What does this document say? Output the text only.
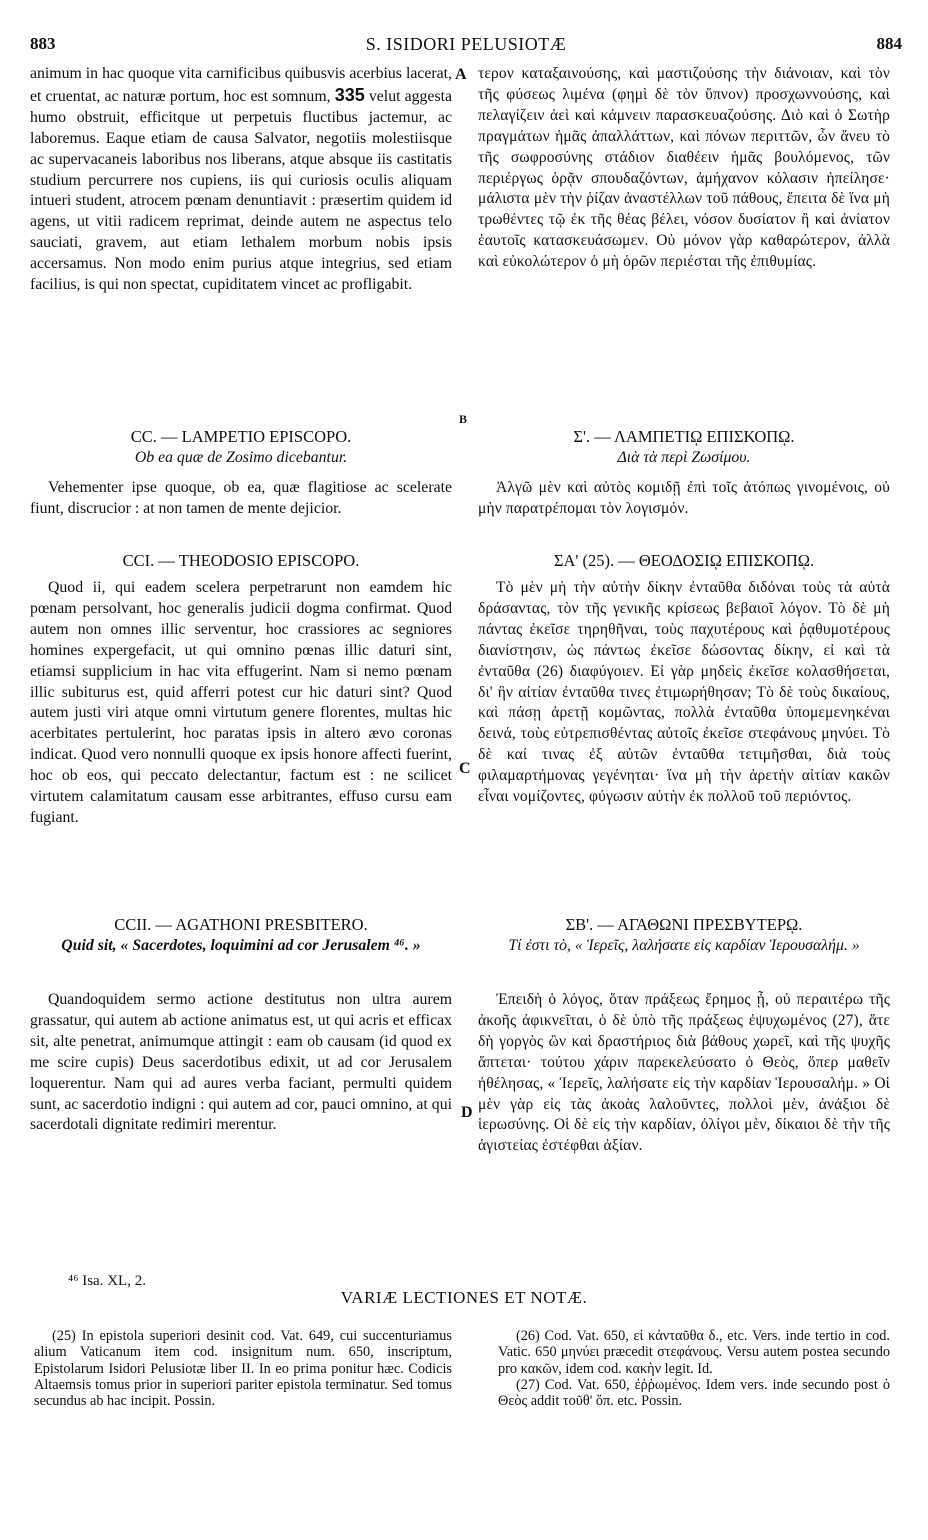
883	S. ISIDORI PELUSIOTÆ	884
A
B
C
D

animum in hac quoque vita carnificibus quibusvis acerbius lacerat, et cruentat, ac naturæ portum, hoc est somnum, 335 velut aggesta humo obstruit, efficitque ut perpetuis fluctibus jactemur, ac laboremus. Eaque etiam de causa Salvator, negotiis molestiisque ac supervacaneis laboribus nos liberans, atque absque iis castitatis studium percurrere nos cupiens, iis qui curiosis oculis aliquam intueri student, atrocem pœnam denuntiavit : præsertim quidem id agens, ut vitii radicem reprimat, deinde autem ne aspectus telo sauciati, gravem, aut etiam lethalem morbum nobis ipsis accersamus. Non modo enim purius atque integrius, sed etiam facilius, is qui non spectat, cupiditatem vincet ac profligabit.

CC. — LAMPETIO EPISCOPO.

Ob ea quæ de Zosimo dicebantur.

Vehementer ipse quoque, ob ea, quæ flagitiose ac scelerate fiunt, discrucior : at non tamen de mente dejicior.

CCI. — THEODOSIO EPISCOPO.

Quod ii, qui eadem scelera perpetrarunt non eamdem hic pœnam persolvant, hoc generalis judicii dogma confirmat. Quod autem non omnes illic serventur, hoc crassiores ac segniores homines expergefacit, ut qui omnino pœnas illic daturi sint, etiamsi supplicium in hac vita effugerint. Nam si nemo pœnam illic subiturus est, quid afferri potest cur hic daturi sint? Quod autem justi viri atque omni virtutum genere florentes, multas hic acerbitates pertulerint, hoc paratas ipsis in altero ævo coronas indicat. Quod vero nonnulli quoque ex ipsis honore affecti fuerint, hoc ob eos, qui peccato delectantur, factum est : ne scilicet virtutem calamitatum causam esse arbitrantes, effuso cursu eam fugiant.

CCII. — AGATHONI PRESBITERO.

Quid sit, « Sacerdotes, loquimini ad cor Jerusalem ⁴⁶. »

Quandoquidem sermo actione destitutus non ultra aurem grassatur, qui autem ab actione animatus est, ut qui acris et efficax sit, alte penetrat, animumque attingit : eam ob causam (id quod ex me scire cupis) Deus sacerdotibus edixit, ut ad cor Jerusalem loquerentur. Nam qui ad aures verba faciant, permulti quidem sunt, ac sacerdotio indigni : qui autem ad cor, pauci omnino, at qui sacerdotali dignitate redimiri merentur.

τερον καταξαινούσης, καὶ μαστιζούσης τὴν διάνοιαν, καὶ τὸν τῆς φύσεως λιμένα (φημὶ δὲ τὸν ὕπνον) προσχωννούσης, καὶ πελαγίζειν ἀεὶ καὶ κάμνειν παρασκευαζούσης. Διὸ καὶ ὁ Σωτὴρ πραγμάτων ἡμᾶς ἀπαλλάττων, καὶ πόνων περιττῶν, ὧν ἄνευ τὸ τῆς σωφροσύνης στάδιον διαθέειν ἡμᾶς βουλόμενος, τῶν περιέργως ὁρᾷν σπουδαζόντων, ἀμήχανον κόλασιν ἠπείλησε· μάλιστα μὲν τὴν ῥίζαν ἀναστέλλων τοῦ πάθους, ἔπειτα δὲ ἵνα μὴ τρωθέντες τῷ ἐκ τῆς θέας βέλει, νόσον δυσίατον ἢ καὶ ἀνίατον ἑαυτοῖς κατασκευάσωμεν. Οὐ μόνον γὰρ καθαρώτερον, ἀλλὰ καὶ εὐκολώτερον ὁ μὴ ὁρῶν περιέσται τῆς ἐπιθυμίας.

Σ'. — ΛΑΜΠΕΤΙῼ ΕΠΙΣΚΟΠῼ.

Διὰ τὰ περὶ Ζωσίμου.

Ἀλγῶ μὲν καὶ αὐτὸς κομιδῇ ἐπὶ τοῖς ἀτόπως γινομένοις, οὐ μὴν παρατρέπομαι τὸν λογισμόν.

ΣΑ' (25). — ΘΕΟΔΟΣΙῼ ΕΠΙΣΚΟΠῼ.

Τὸ μὲν μὴ τὴν αὐτὴν δίκην ἐνταῦθα διδόναι τοὺς τὰ αὐτὰ δράσαντας, τὸν τῆς γενικῆς κρίσεως βεβαιοῖ λόγον. Τὸ δὲ μὴ πάντας ἐκεῖσε τηρηθῆναι, τοὺς παχυτέρους καὶ ῥᾳθυμοτέρους διανίστησιν, ὡς πάντως ἐκεῖσε δώσοντας δίκην, εἰ καὶ τὰ ἐνταῦθα (26) διαφύγοιεν. Εἰ γὰρ μηδεὶς ἐκεῖσε κολασθήσεται, δι' ἣν αἰτίαν ἐνταῦθα τινες ἐτιμωρήθησαν; Τὸ δὲ τοὺς δικαίους, καὶ πάσῃ ἀρετῇ κομῶντας, πολλὰ ἐνταῦθα ὑπομεμενηκέναι δεινά, τοὺς εὐτρεπισθέντας αὐτοῖς ἐκεῖσε στεφάνους μηνύει. Τὸ δὲ καί τινας ἐξ αὐτῶν ἐνταῦθα τετιμῆσθαι, διὰ τοὺς φιλαμαρτήμονας γεγένηται· ἵνα μὴ τὴν ἀρετὴν αἰτίαν κακῶν εἶναι νομίζοντες, φύγωσιν αὐτὴν ἐκ πολλοῦ τοῦ περιόντος.

ΣΒ'. — ΑΓΑΘΩΝΙ ΠΡΕΣΒΥΤΕΡῼ.

Τί ἐστι τὸ, « Ἱερεῖς, λαλήσατε εἰς καρδίαν Ἱερουσαλήμ. »

Ἐπειδὴ ὁ λόγος, ὅταν πράξεως ἔρημος ᾖ, οὐ περαιτέρω τῆς ἀκοῆς ἀφικνεῖται, ὁ δὲ ὑπὸ τῆς πράξεως ἐψυχωμένος (27), ἅτε δὴ γοργὸς ὢν καὶ δραστήριος διὰ βάθους χωρεῖ, καὶ τῆς ψυχῆς ἅπτεται· τούτου χάριν παρεκελεύσατο ὁ Θεὸς, ὅπερ μαθεῖν ἠθέλησας, « Ἱερεῖς, λαλήσατε εἰς τὴν καρδίαν Ἱερουσαλήμ. » Οἱ μὲν γὰρ εἰς τὰς ἀκοὰς λαλοῦντες, πολλοὶ μὲν, ἀνάξιοι δὲ ἱερωσύνης. Οἱ δὲ εἰς τὴν καρδίαν, ὀλίγοι μὲν, δίκαιοι δὲ τὴν τῆς ἁγιστείας ἐστέφθαι ἀξίαν.

⁴⁶ Isa. XL, 2.
VARIÆ LECTIONES ET NOTÆ.

(25) In epistola superiori desinit cod. Vat. 649, cui succenturiamus alium Vaticanum item cod. insignitum num. 650, inscriptum, Epistolarum Isidori Pelusiotæ liber II. In eo prima ponitur hæc. Codicis Altaemsis tomus prior in superiori pariter epistola terminatur. Sed tomus secundus ab hac incipit. Possin.

(26) Cod. Vat. 650, εἰ κἀνταῦθα δ., etc. Vers. inde tertio in cod. Vatic. 650 μηνύει præcedit στεφάνους. Versu autem postea secundo pro κακῶν, idem cod. κακὴν legit. Id.

(27) Cod. Vat. 650, ἐῤῥωμένος. Idem vers. inde secundo post ὁ Θεὸς addit τοῦθ' ὅπ. etc. Possin.
